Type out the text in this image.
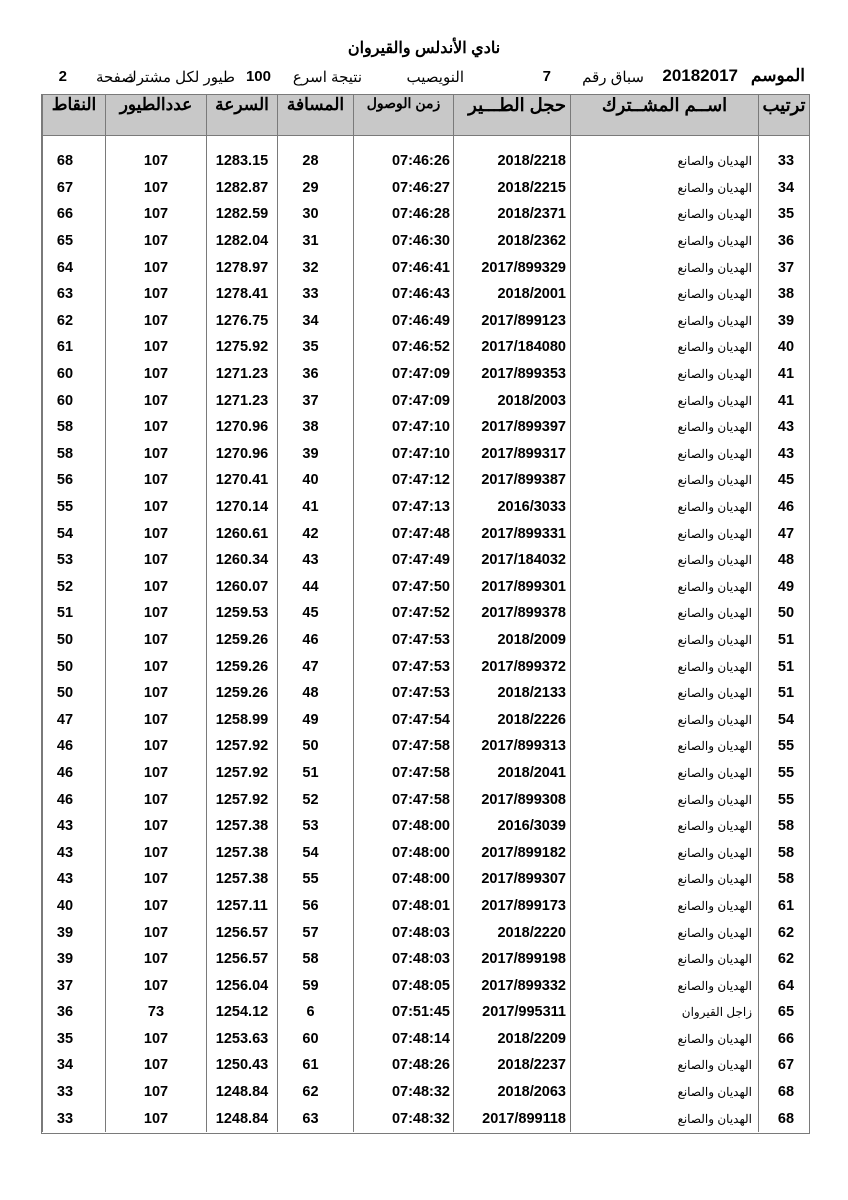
نادي الأندلس والقيروان
الموسم
20182017
سباق رقم
7
النويصيب
نتيجة اسرع
100
طيور لكل مشترك
صفحة
2
النقاط	عددالطيور	السرعة	المسافة	زمن الوصول	حجل الطـــير	اســم المشــترك	ترتيب

68	107	1283.15	28	07:46:26	2018/2218	الهديان والصانع	33
67	107	1282.87	29	07:46:27	2018/2215	الهديان والصانع	34
66	107	1282.59	30	07:46:28	2018/2371	الهديان والصانع	35
65	107	1282.04	31	07:46:30	2018/2362	الهديان والصانع	36
64	107	1278.97	32	07:46:41	2017/899329	الهديان والصانع	37
63	107	1278.41	33	07:46:43	2018/2001	الهديان والصانع	38
62	107	1276.75	34	07:46:49	2017/899123	الهديان والصانع	39
61	107	1275.92	35	07:46:52	2017/184080	الهديان والصانع	40
60	107	1271.23	36	07:47:09	2017/899353	الهديان والصانع	41
60	107	1271.23	37	07:47:09	2018/2003	الهديان والصانع	41
58	107	1270.96	38	07:47:10	2017/899397	الهديان والصانع	43
58	107	1270.96	39	07:47:10	2017/899317	الهديان والصانع	43
56	107	1270.41	40	07:47:12	2017/899387	الهديان والصانع	45
55	107	1270.14	41	07:47:13	2016/3033	الهديان والصانع	46
54	107	1260.61	42	07:47:48	2017/899331	الهديان والصانع	47
53	107	1260.34	43	07:47:49	2017/184032	الهديان والصانع	48
52	107	1260.07	44	07:47:50	2017/899301	الهديان والصانع	49
51	107	1259.53	45	07:47:52	2017/899378	الهديان والصانع	50
50	107	1259.26	46	07:47:53	2018/2009	الهديان والصانع	51
50	107	1259.26	47	07:47:53	2017/899372	الهديان والصانع	51
50	107	1259.26	48	07:47:53	2018/2133	الهديان والصانع	51
47	107	1258.99	49	07:47:54	2018/2226	الهديان والصانع	54
46	107	1257.92	50	07:47:58	2017/899313	الهديان والصانع	55
46	107	1257.92	51	07:47:58	2018/2041	الهديان والصانع	55
46	107	1257.92	52	07:47:58	2017/899308	الهديان والصانع	55
43	107	1257.38	53	07:48:00	2016/3039	الهديان والصانع	58
43	107	1257.38	54	07:48:00	2017/899182	الهديان والصانع	58
43	107	1257.38	55	07:48:00	2017/899307	الهديان والصانع	58
40	107	1257.11	56	07:48:01	2017/899173	الهديان والصانع	61
39	107	1256.57	57	07:48:03	2018/2220	الهديان والصانع	62
39	107	1256.57	58	07:48:03	2017/899198	الهديان والصانع	62
37	107	1256.04	59	07:48:05	2017/899332	الهديان والصانع	64
36	73	1254.12	6	07:51:45	2017/995311	زاجل القيروان	65
35	107	1253.63	60	07:48:14	2018/2209	الهديان والصانع	66
34	107	1250.43	61	07:48:26	2018/2237	الهديان والصانع	67
33	107	1248.84	62	07:48:32	2018/2063	الهديان والصانع	68
33	107	1248.84	63	07:48:32	2017/899118	الهديان والصانع	68
